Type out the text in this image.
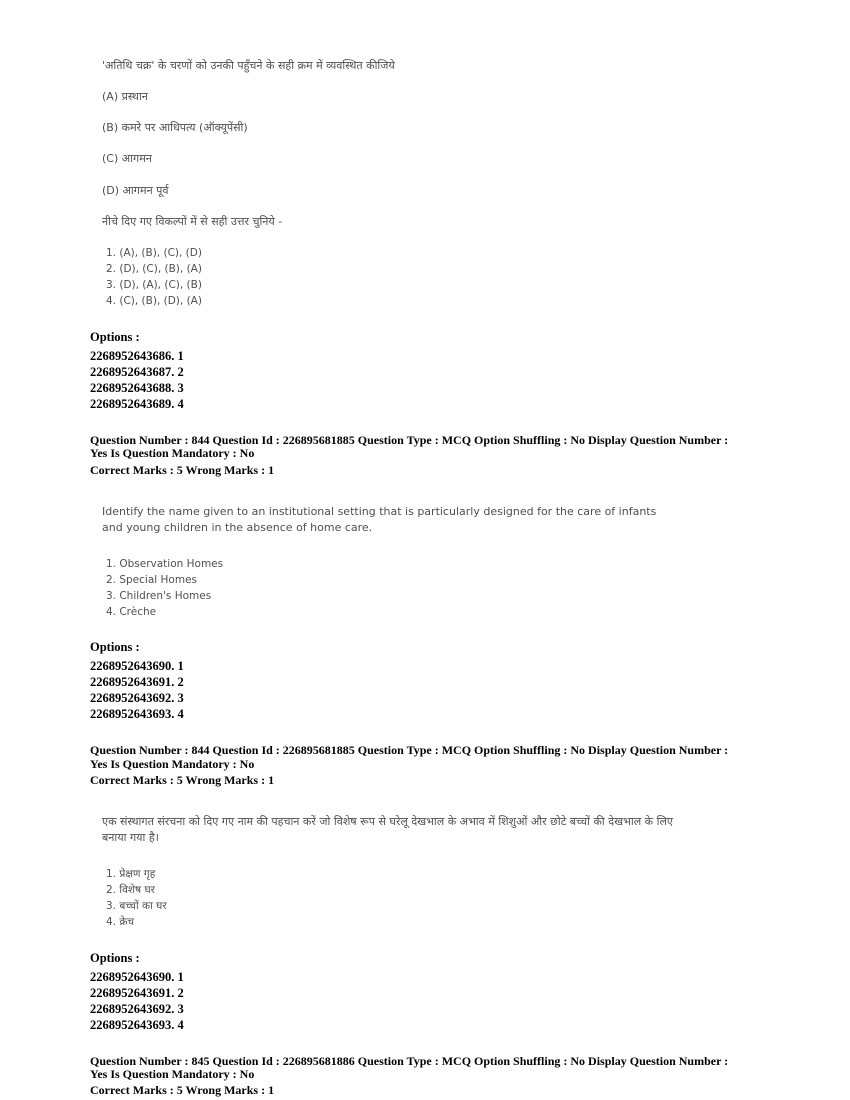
'अतिथि चक्र' के चरणों को उनकी पहुँचने के सही क्रम में व्यवस्थित कीजिये

(A) प्रस्थान

(B) कमरे पर आधिपत्य (ऑक्यूपेंसी)

(C) आगमन

(D) आगमन पूर्व

नीचे दिए गए विकल्पों में से सही उत्तर चुनिये -

1. (A), (B), (C), (D)

2. (D), (C), (B), (A)

3. (D), (A), (C), (B)

4. (C), (B), (D), (A)

Options :

2268952643686. 1

2268952643687. 2

2268952643688. 3

2268952643689. 4

Question Number : 844 Question Id : 226895681885 Question Type : MCQ Option Shuffling : No Display Question Number : Yes Is Question Mandatory : No

Correct Marks : 5 Wrong Marks : 1

Identify the name given to an institutional setting that is particularly designed for the care of infants and young children in the absence of home care.

1. Observation Homes

2. Special Homes

3. Children's Homes

4. Crèche

Options :

2268952643690. 1

2268952643691. 2

2268952643692. 3

2268952643693. 4

Question Number : 844 Question Id : 226895681885 Question Type : MCQ Option Shuffling : No Display Question Number : Yes Is Question Mandatory : No

Correct Marks : 5 Wrong Marks : 1

एक संस्थागत संरचना को दिए गए नाम की पहचान करें जो विशेष रूप से घरेलू देखभाल के अभाव में शिशुओं और छोटे बच्चों की देखभाल के लिए बनाया गया है।

1. प्रेक्षण गृह

2. विशेष घर

3. बच्चों का घर

4. क्रेच

Options :

2268952643690. 1

2268952643691. 2

2268952643692. 3

2268952643693. 4

Question Number : 845 Question Id : 226895681886 Question Type : MCQ Option Shuffling : No Display Question Number : Yes Is Question Mandatory : No

Correct Marks : 5 Wrong Marks : 1
